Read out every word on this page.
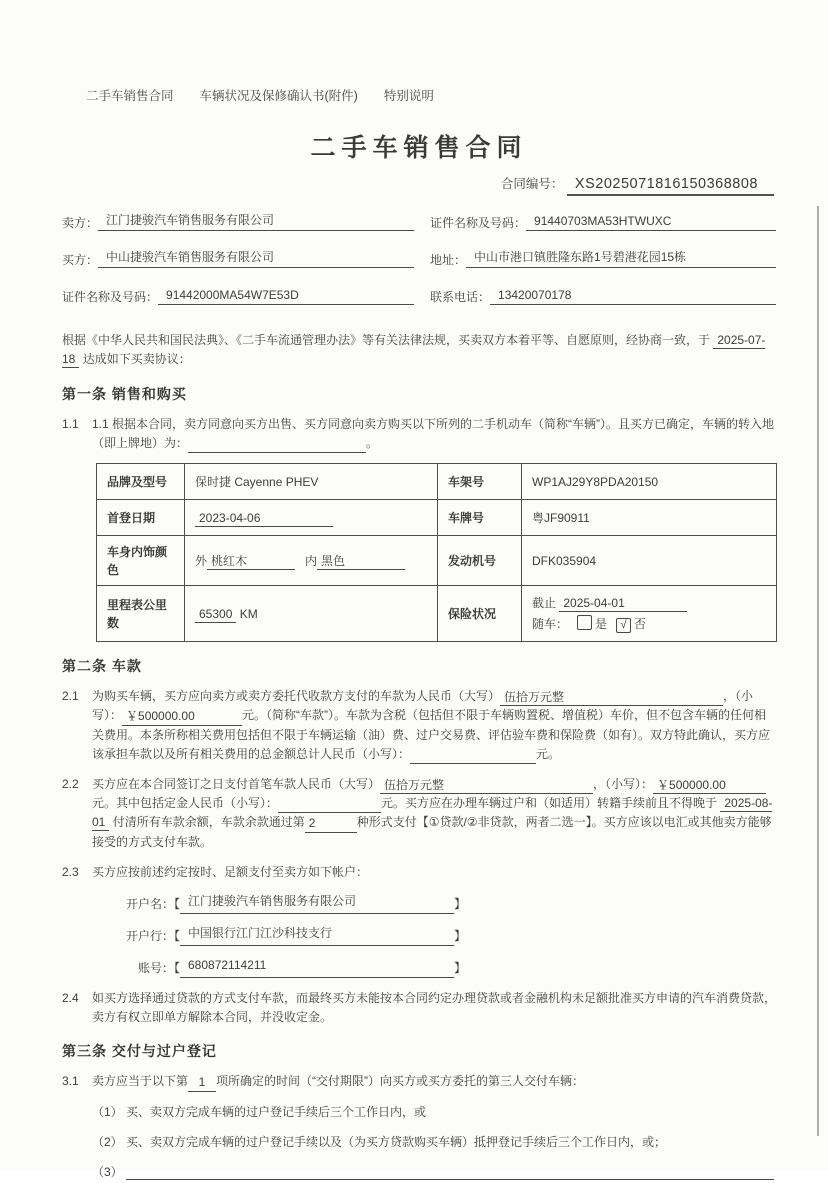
二手车销售合同 车辆状况及保修确认书(附件) 特别说明
二手车销售合同
合同编号： XS2025071816150368808
卖方： 江门捷骏汽车销售服务有限公司	证件名称及号码： 91440703MA53HTWUXC
买方： 中山捷骏汽车销售服务有限公司	地址： 中山市港口镇胜隆东路1号碧港花园15栋
证件名称及号码： 91442000MA54W7E53D	联系电话： 13420070178

根据《中华人民共和国民法典》、《二手车流通管理办法》等有关法律法规，买卖双方本着平等、自愿原则，经协商一致，于 2025-07-18 达成如下买卖协议：

第一条 销售和购买
1.1	1.1 根据本合同，卖方同意向买方出售、买方同意向卖方购买以下所列的二手机动车（简称“车辆”）。且买方已确定，车辆的转入地（即上牌地）为：	。
品牌及型号	保时捷 Cayenne PHEV	车架号	WP1AJ29Y8PDA20150
首登日期	2023-04-06	车牌号	粤JF90911
车身内饰颜色	外 桃红木 内 黑色	发动机号	DFK035904
里程表公里数	65300 KM	保险状况	截止 2025-04-01
随车： 是 √ 否
第二条 车款
2.1	为购买车辆，买方应向卖方或卖方委托代收款方支付的车款为人民币（大写） 伍拾万元整	，（小写）： ￥500000.00	元。（简称“车款”）。车款为含税（包括但不限于车辆购置税、增值税）车价，但不包含车辆的任何相关费用。本条所称相关费用包括但不限于车辆运输（油）费、过户交易费、评估验车费和保险费（如有）。双方特此确认，买方应该承担车款以及所有相关费用的总金额总计人民币（小写）：	元。
2.2	买方应在本合同签订之日支付首笔车款人民币（大写） 伍拾万元整	，（小写）： ￥500000.00元。其中包括定金人民币（小写）：	元。买方应在办理车辆过户和（如适用）转籍手续前且不得晚于 2025-08-01 付清所有车款余额，车款余款通过第 2	种形式支付【①贷款/②非贷款，两者二选一】。买方应该以电汇或其他卖方能够接受的方式支付车款。
2.3	买方应按前述约定按时、足额支付至卖方如下帐户：
开户名：【 江门捷骏汽车销售服务有限公司	】
开户行：【 中国银行江门江沙科技支行	】
账号：【 680872114211	】
2.4	如买方选择通过贷款的方式支付车款，而最终买方未能按本合同约定办理贷款或者金融机构未足额批准买方申请的汽车消费贷款，卖方有权立即单方解除本合同，并没收定金。
第三条 交付与过户登记
3.1	卖方应当于以下第 1 项所确定的时间（“交付期限”）向买方或买方委托的第三人交付车辆：
（1） 买、卖双方完成车辆的过户登记手续后三个工作日内，或
（2） 买、卖双方完成车辆的过户登记手续以及（为买方贷款购买车辆）抵押登记手续后三个工作日内，或；
（3）
